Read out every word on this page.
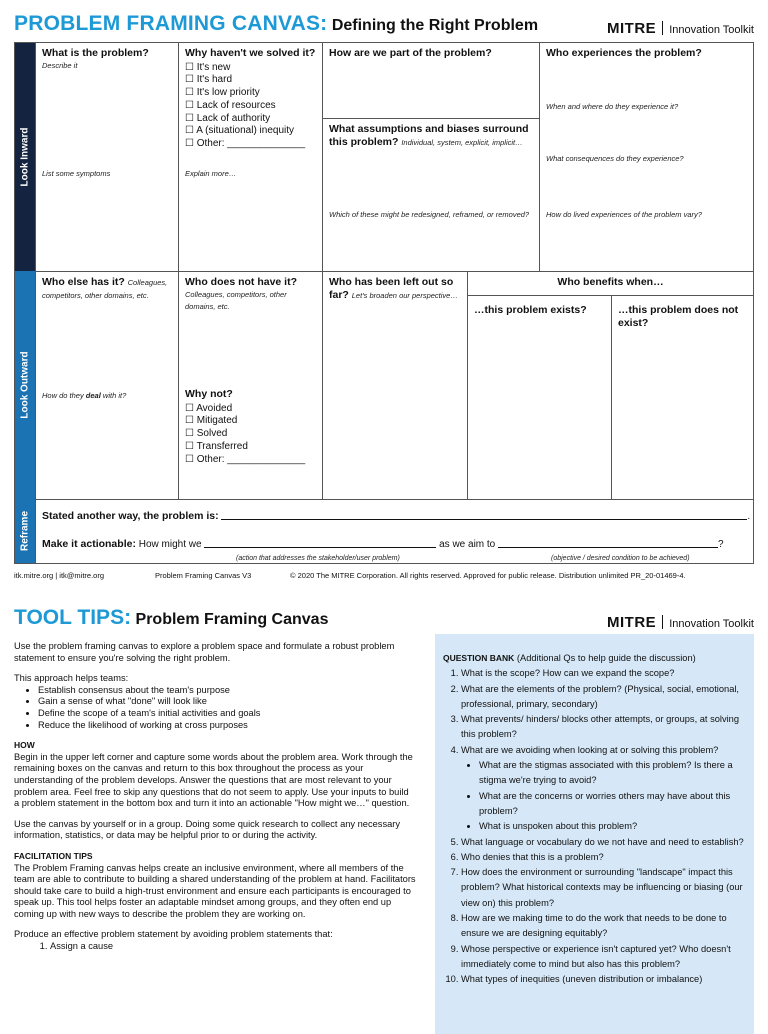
PROBLEM FRAMING CANVAS: Defining the Right Problem	MITRE Innovation Toolkit
Look Inward
Look Outward
Reframe
What is the problem?
Describe it
List some symptoms
Why haven't we solved it?
☐ It's new
☐ It's hard
☐ It's low priority
☐ Lack of resources
☐ Lack of authority
☐ A (situational) inequity
☐ Other: ______________
Explain more…
How are we part of the problem?
What assumptions and biases surround
this problem? Individual, system, explicit, implicit…
Which of these might be redesigned, reframed, or removed?
Who experiences the problem?
When and where do they experience it?
What consequences do they experience?
How do lived experiences of the problem vary?
Who else has it? Colleagues, competitors, other domains, etc.
How do they deal with it?
Who does not have it?
Colleagues, competitors, other domains, etc.
Why not?
☐ Avoided
☐ Mitigated
☐ Solved
☐ Transferred
☐ Other: ______________
Who has been left out so
far? Let's broaden our perspective…
Who benefits when…
…this problem exists?	…this problem does not exist?
Stated another way, the problem is:	.
Make it actionable: How might we	as we aim to	?
(action that addresses the stakeholder/user problem)	(objective / desired condition to be achieved)
itk.mitre.org | itk@mitre.org	Problem Framing Canvas V3	© 2020 The MITRE Corporation. All rights reserved. Approved for public release. Distribution unlimited PR_20-01469-4.
TOOL TIPS: Problem Framing Canvas	MITRE Innovation Toolkit

Use the problem framing canvas to explore a problem space and formulate a robust problem statement to ensure you're solving the right problem.

This approach helps teams:
• Establish consensus about the team's purpose
• Gain a sense of what "done" will look like
• Define the scope of a team's initial activities and goals
• Reduce the likelihood of working at cross purposes
HOW

Begin in the upper left corner and capture some words about the problem area. Work through the remaining boxes on the canvas and return to this box throughout the process as your understanding of the problem develops. Answer the questions that are most relevant to your problem area. Feel free to skip any questions that do not seem to apply. Use your inputs to build a problem statement in the bottom box and turn it into an actionable "How might we…" question.

Use the canvas by yourself or in a group. Doing some quick research to collect any necessary information, statistics, or data may be helpful prior to or during the activity.

FACILITATION TIPS

The Problem Framing canvas helps create an inclusive environment, where all members of the team are able to contribute to building a shared understanding of the problem at hand. Facilitators should take care to build a high-trust environment and ensure each participants is encouraged to speak up. This tool helps foster an adaptable mindset among groups, and they often end up coming up with new ways to describe the problem they are working on.

Produce an effective problem statement by avoiding problem statements that:
1. Assign a cause
QUESTION BANK (Additional Qs to help guide the discussion)
1. What is the scope? How can we expand the scope?
2. What are the elements of the problem? (Physical, social, emotional, professional, primary, secondary)
3. What prevents/ hinders/ blocks other attempts, or groups, at solving this problem?
4. What are we avoiding when looking at or solving this problem?
• What are the stigmas associated with this problem? Is there a stigma we're trying to avoid?
• What are the concerns or worries others may have about this problem?
• What is unspoken about this problem?
5. What language or vocabulary do we not have and need to establish?
6. Who denies that this is a problem?
7. How does the environment or surrounding "landscape" impact this problem? What historical contexts may be influencing or biasing (our view on) this problem?
8. How are we making time to do the work that needs to be done to ensure we are designing equitably?
9. Whose perspective or experience isn't captured yet? Who doesn't immediately come to mind but also has this problem?
10. What types of inequities (uneven distribution or imbalance)
